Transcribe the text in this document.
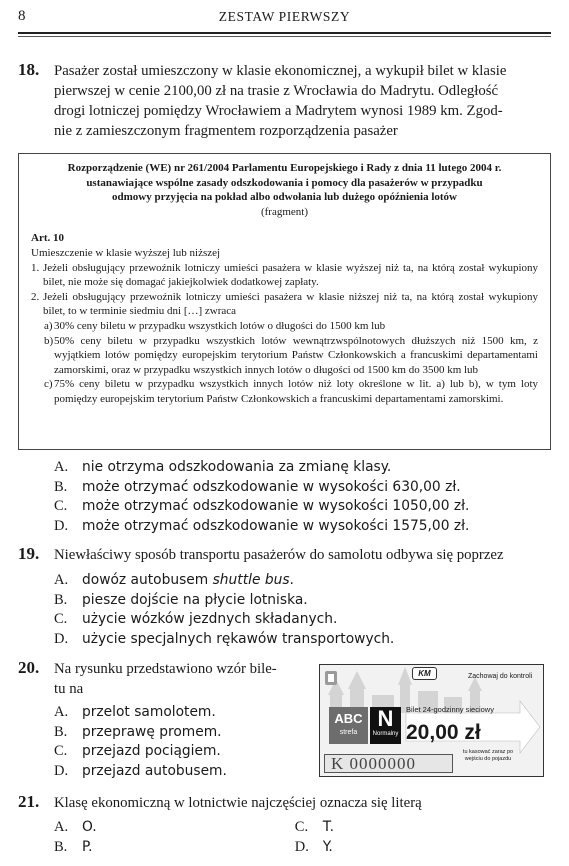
8	ZESTAW PIERWSZY
18. Pasażer został umieszczony w klasie ekonomicznej, a wykupił bilet w klasie
pierwszej w cenie 2100,00 zł na trasie z Wrocławia do Madrytu. Odległość
drogi lotniczej pomiędzy Wrocławiem a Madrytem wynosi 1989 km. Zgod-
nie z zamieszczonym fragmentem rozporządzenia pasażer
Rozporządzenie (WE) nr 261/2004 Parlamentu Europejskiego i Rady z dnia 11 lutego 2004 r.
ustanawiające wspólne zasady odszkodowania i pomocy dla pasażerów w przypadku
odmowy przyjęcia na pokład albo odwołania lub dużego opóźnienia lotów
(fragment)
Art. 10
Umieszczenie w klasie wyższej lub niższej
1. Jeżeli obsługujący przewoźnik lotniczy umieści pasażera w klasie wyższej niż ta, na którą został wykupiony bilet, nie może się domagać jakiejkolwiek dodatkowej zapłaty.
2. Jeżeli obsługujący przewoźnik lotniczy umieści pasażera w klasie niższej niż ta, na którą został wykupiony bilet, to w terminie siedmiu dni […] zwraca
a) 30% ceny biletu w przypadku wszystkich lotów o długości do 1500 km lub
b) 50% ceny biletu w przypadku wszystkich lotów wewnątrzwspólnotowych dłuższych niż 1500 km, z wyjątkiem lotów pomiędzy europejskim terytorium Państw Członkowskich a francuskimi departamentami zamorskimi, oraz w przypadku wszystkich innych lotów o długości od 1500 km do 3500 km lub
c) 75% ceny biletu w przypadku wszystkich innych lotów niż loty określone w lit. a) lub b), w tym loty pomiędzy europejskim terytorium Państw Członkowskich a francuskimi departamentami zamorskimi.
A.	nie otrzyma odszkodowania za zmianę klasy.
B.	może otrzymać odszkodowanie w wysokości 630,00 zł.
C.	może otrzymać odszkodowanie w wysokości 1050,00 zł.
D.	może otrzymać odszkodowanie w wysokości 1575,00 zł.
19. Niewłaściwy sposób transportu pasażerów do samolotu odbywa się poprzez
A.	dowóz autobusem shuttle bus.
B.	piesze dojście na płycie lotniska.
C.	użycie wózków jezdnych składanych.
D.	użycie specjalnych rękawów transportowych.
20. Na rysunku przedstawiono wzór bile-
tu na
A.	przelot samolotem.
B.	przeprawę promem.
C.	przejazd pociągiem.
D.	przejazd autobusem.
KM	Zachowaj do kontroli
ABC
strefa
N
Normalny
Bilet 24-godzinny sieciowy
20,00 zł
tu kasować zaraz po wejściu do pojazdu
K 0000000
21. Klasę ekonomiczną w lotnictwie najczęściej oznacza się literą
A.	O.	C.	T.
B.	P.	D.	Y.
